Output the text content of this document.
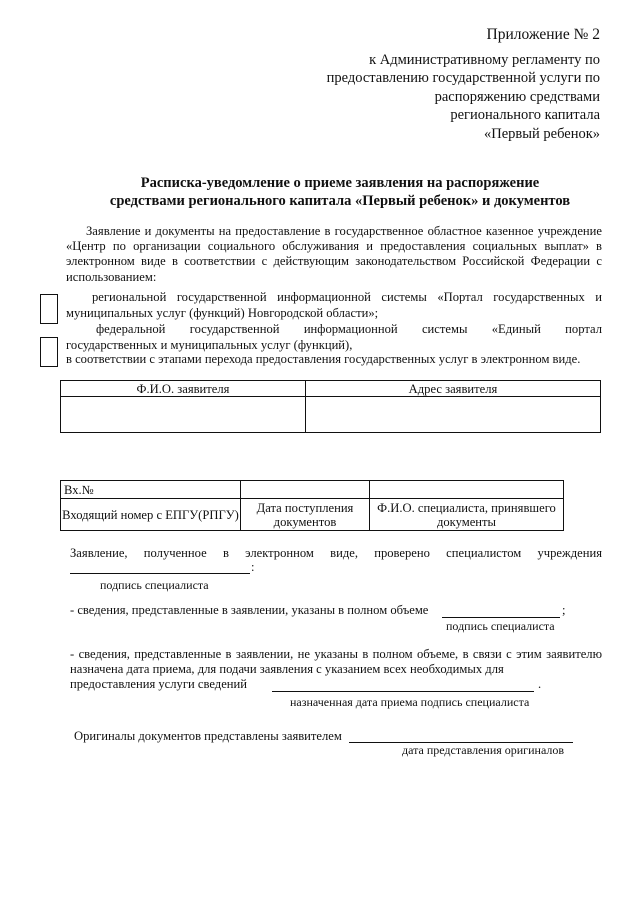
Приложение № 2
к Административному регламенту по
предоставлению государственной услуги по
распоряжению средствами
регионального капитала
«Первый ребенок»
Расписка-уведомление о приеме заявления на распоряжение
средствами регионального капитала «Первый ребенок» и документов
Заявление и документы на предоставление в государственное областное казенное учреждение «Центр по организации социального обслуживания и предоставления социальных выплат» в электронном виде в соответствии с действующим законодательством Российской Федерации с использованием:
региональной государственной информационной системы «Портал государственных и
муниципальных услуг (функций) Новгородской области»;
федеральной государственной информационной системы «Единый портал
государственных и муниципальных услуг (функций),
в соответствии с этапами перехода предоставления государственных услуг в электронном виде.
Ф.И.О. заявителя	Адрес заявителя

Вх.№		
Входящий номер с ЕПГУ(РПГУ)	Дата поступления документов	Ф.И.О. специалиста, принявшего документы
Заявление, полученное в электронном виде, проверено специалистом учреждения
:
подпись специалиста
- сведения, представленные в заявлении, указаны в полном объеме	;
подпись специалиста
- сведения, представленные в заявлении, не указаны в полном объеме, в связи с этим заявителю
назначена дата приема, для подачи заявления с указанием всех необходимых для
предоставления услуги сведений	.
назначенная дата приема подпись специалиста
Оригиналы документов представлены заявителем
дата представления оригиналов
